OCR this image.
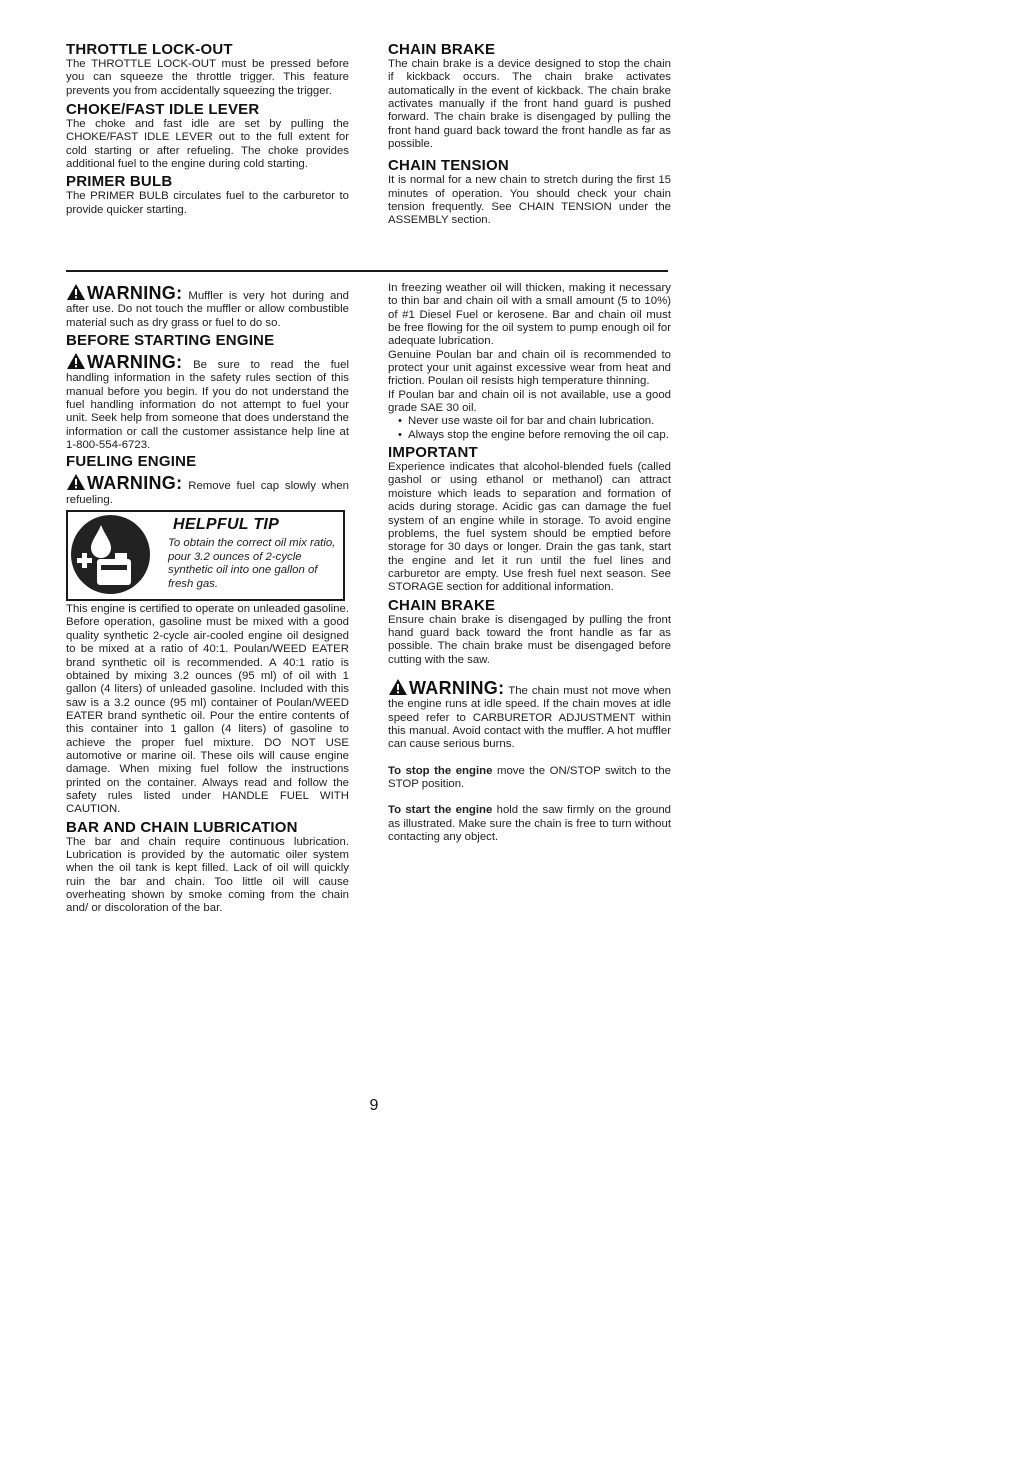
THROTTLE LOCK-OUT

The THROTTLE LOCK-OUT must be pressed before you can squeeze the throttle trigger. This feature prevents you from accidentally squeezing the trigger.

CHOKE/FAST IDLE LEVER

The choke and fast idle are set by pulling the CHOKE/FAST IDLE LEVER out to the full extent for cold starting or after refueling. The choke provides additional fuel to the engine during cold starting.

PRIMER BULB

The PRIMER BULB circulates fuel to the carburetor to provide quicker starting.

CHAIN BRAKE

The chain brake is a device designed to stop the chain if kickback occurs. The chain brake activates automatically in the event of kickback. The chain brake activates manually if the front hand guard is pushed forward. The chain brake is disengaged by pulling the front hand guard back toward the front handle as far as possible.

CHAIN TENSION

It is normal for a new chain to stretch during the first 15 minutes of operation. You should check your chain tension frequently. See CHAIN TENSION under the ASSEMBLY section.

WARNING: Muffler is very hot during and after use. Do not touch the muffler or allow combustible material such as dry grass or fuel to do so.

BEFORE STARTING ENGINE

WARNING: Be sure to read the fuel handling information in the safety rules section of this manual before you begin. If you do not understand the fuel handling information do not attempt to fuel your unit. Seek help from someone that does understand the information or call the customer assistance help line at 1-800-554-6723.

FUELING ENGINE

WARNING: Remove fuel cap slowly when refueling.

HELPFUL TIP
To obtain the correct oil mix ratio, pour 3.2 ounces of 2-cycle synthetic oil into one gallon of fresh gas.

This engine is certified to operate on unleaded gasoline. Before operation, gasoline must be mixed with a good quality synthetic 2-cycle air-cooled engine oil designed to be mixed at a ratio of 40:1. Poulan/WEED EATER brand synthetic oil is recommended. A 40:1 ratio is obtained by mixing 3.2 ounces (95 ml) of oil with 1 gallon (4 liters) of unleaded gasoline. Included with this saw is a 3.2 ounce (95 ml) container of Poulan/WEED EATER brand synthetic oil. Pour the entire contents of this container into 1 gallon (4 liters) of gasoline to achieve the proper fuel mixture. DO NOT USE automotive or marine oil. These oils will cause engine damage. When mixing fuel follow the instructions printed on the container. Always read and follow the safety rules listed under HANDLE FUEL WITH CAUTION.

BAR AND CHAIN LUBRICATION

The bar and chain require continuous lubrication. Lubrication is provided by the automatic oiler system when the oil tank is kept filled. Lack of oil will quickly ruin the bar and chain. Too little oil will cause overheating shown by smoke coming from the chain and/ or discoloration of the bar.

In freezing weather oil will thicken, making it necessary to thin bar and chain oil with a small amount (5 to 10%) of #1 Diesel Fuel or kerosene. Bar and chain oil must be free flowing for the oil system to pump enough oil for adequate lubrication.

Genuine Poulan bar and chain oil is recommended to protect your unit against excessive wear from heat and friction. Poulan oil resists high temperature thinning.

If Poulan bar and chain oil is not available, use a good grade SAE 30 oil.

• Never use waste oil for bar and chain lubrication.
• Always stop the engine before removing the oil cap.
IMPORTANT

Experience indicates that alcohol-blended fuels (called gashol or using ethanol or methanol) can attract moisture which leads to separation and formation of acids during storage. Acidic gas can damage the fuel system of an engine while in storage. To avoid engine problems, the fuel system should be emptied before storage for 30 days or longer. Drain the gas tank, start the engine and let it run until the fuel lines and carburetor are empty. Use fresh fuel next season. See STORAGE section for additional information.

CHAIN BRAKE

Ensure chain brake is disengaged by pulling the front hand guard back toward the front handle as far as possible. The chain brake must be disengaged before cutting with the saw.

WARNING: The chain must not move when the engine runs at idle speed. If the chain moves at idle speed refer to CARBURETOR ADJUSTMENT within this manual. Avoid contact with the muffler. A hot muffler can cause serious burns.

To stop the engine move the ON/STOP switch to the STOP position.

To start the engine hold the saw firmly on the ground as illustrated. Make sure the chain is free to turn without contacting any object.

9
